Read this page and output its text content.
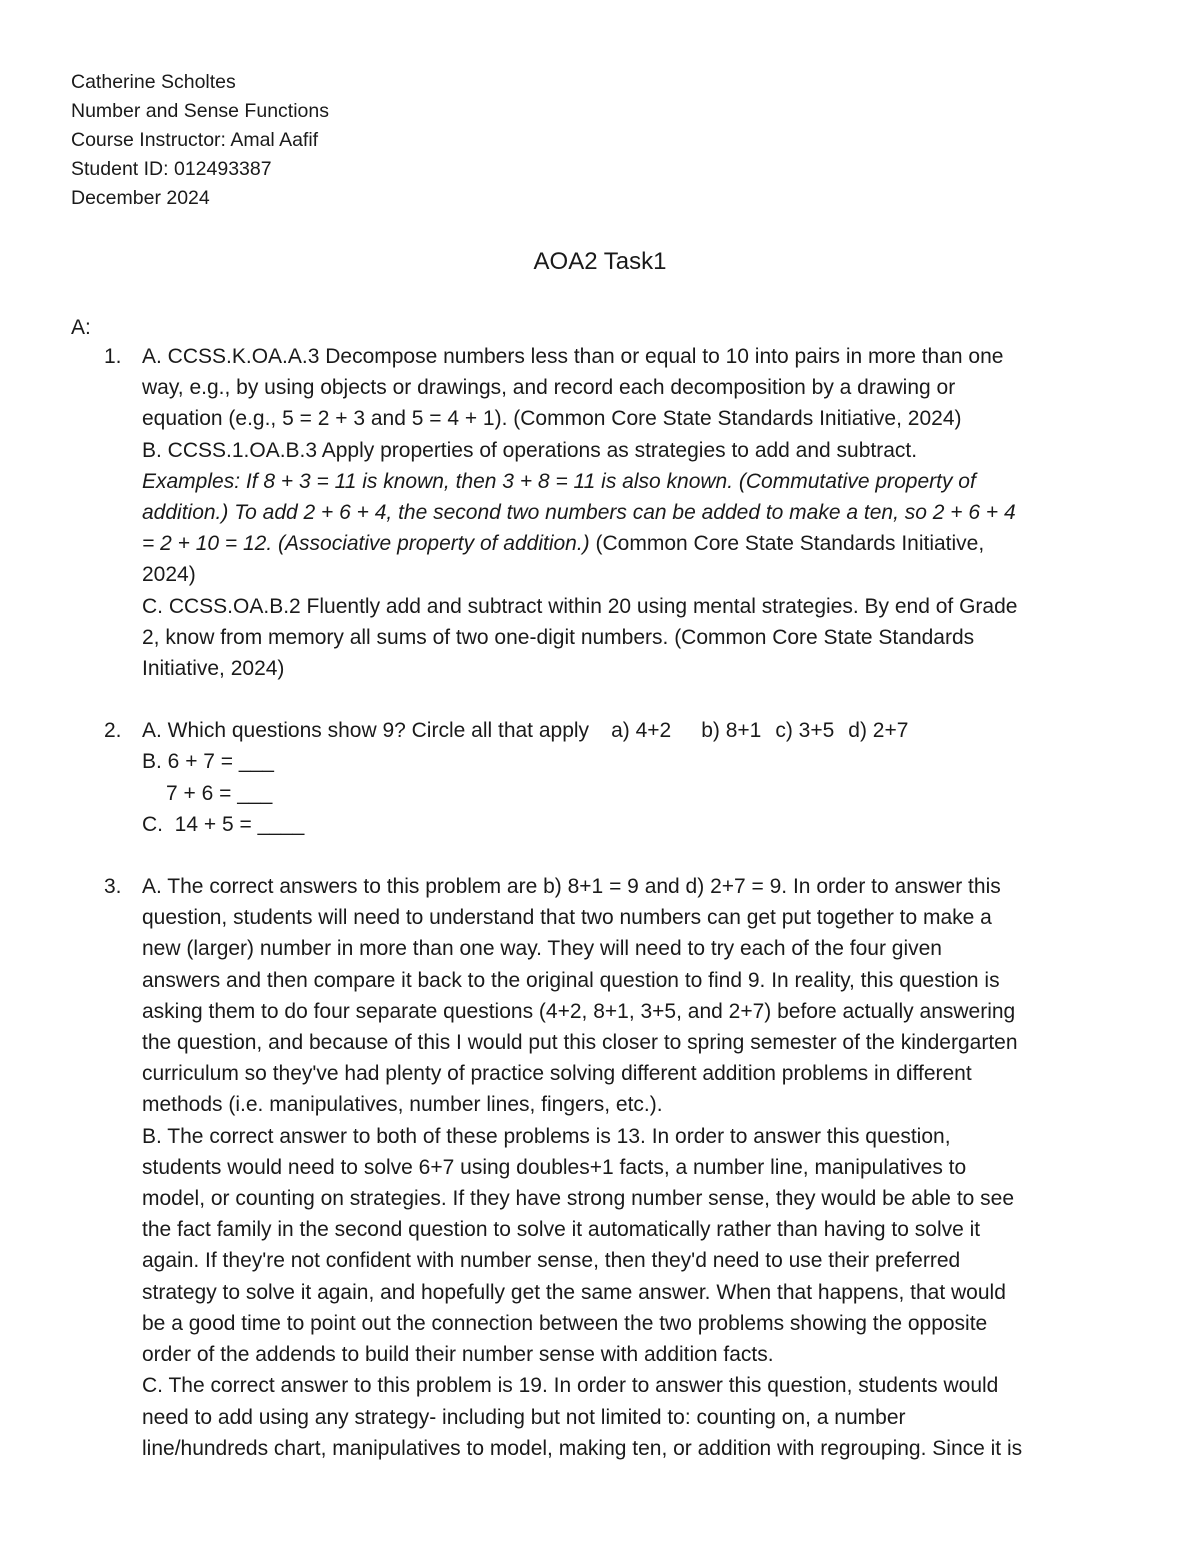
Catherine Scholtes
Number and Sense Functions
Course Instructor: Amal Aafif
Student ID: 012493387
December 2024
AOA2 Task1
A:
1. A. CCSS.K.OA.A.3 Decompose numbers less than or equal to 10 into pairs in more than one
way, e.g., by using objects or drawings, and record each decomposition by a drawing or
equation (e.g., 5 = 2 + 3 and 5 = 4 + 1). (Common Core State Standards Initiative, 2024)
B. CCSS.1.OA.B.3 Apply properties of operations as strategies to add and subtract.
Examples: If 8 + 3 = 11 is known, then 3 + 8 = 11 is also known. (Commutative property of
addition.) To add 2 + 6 + 4, the second two numbers can be added to make a ten, so 2 + 6 + 4
= 2 + 10 = 12. (Associative property of addition.) (Common Core State Standards Initiative,
2024)
C. CCSS.OA.B.2 Fluently add and subtract within 20 using mental strategies. By end of Grade
2, know from memory all sums of two one-digit numbers. (Common Core State Standards
Initiative, 2024)
2. A. Which questions show 9? Circle all that apply a) 4+2 b) 8+1 c) 3+5 d) 2+7
B. 6 + 7 = ___
7 + 6 = ___
C.  14 + 5 = ____
3. A. The correct answers to this problem are b) 8+1 = 9 and d) 2+7 = 9. In order to answer this
question, students will need to understand that two numbers can get put together to make a
new (larger) number in more than one way. They will need to try each of the four given
answers and then compare it back to the original question to find 9. In reality, this question is
asking them to do four separate questions (4+2, 8+1, 3+5, and 2+7) before actually answering
the question, and because of this I would put this closer to spring semester of the kindergarten
curriculum so they've had plenty of practice solving different addition problems in different
methods (i.e. manipulatives, number lines, fingers, etc.).
B. The correct answer to both of these problems is 13. In order to answer this question,
students would need to solve 6+7 using doubles+1 facts, a number line, manipulatives to
model, or counting on strategies. If they have strong number sense, they would be able to see
the fact family in the second question to solve it automatically rather than having to solve it
again. If they're not confident with number sense, then they'd need to use their preferred
strategy to solve it again, and hopefully get the same answer. When that happens, that would
be a good time to point out the connection between the two problems showing the opposite
order of the addends to build their number sense with addition facts.
C. The correct answer to this problem is 19. In order to answer this question, students would
need to add using any strategy- including but not limited to: counting on, a number
line/hundreds chart, manipulatives to model, making ten, or addition with regrouping. Since it is
